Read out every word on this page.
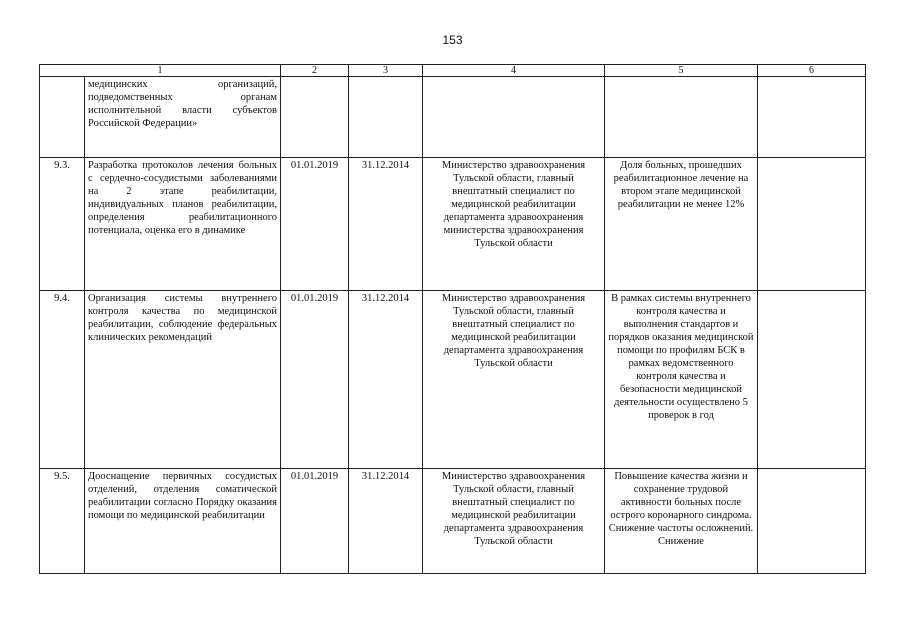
153
1		2	3	4	5	6
	медицинских организаций, подведомственных органам исполнительной власти субъектов Российской Федерации»					
9.3.	Разработка протоколов лечения больных с сердечно-сосудистыми заболеваниями на 2 этапе реабилитации, индивидуальных планов реабилитации, определения реабилитационного потенциала, оценка его в динамике	01.01.2019	31.12.2014	Министерство здравоохранения Тульской области, главный внештатный специалист по медицинской реабилитации департамента здравоохранения министерства здравоохранения Тульской области	Доля больных, прошедших реабилитационное лечение на втором этапе медицинской реабилитации не менее 12%	
9.4.	Организация системы внутреннего контроля качества по медицинской реабилитации, соблюдение федеральных клинических рекомендаций	01.01.2019	31.12.2014	Министерство здравоохранения Тульской области, главный внештатный специалист по медицинской реабилитации департамента здравоохранения Тульской области	В рамках системы внутреннего контроля качества и выполнения стандартов и порядков оказания медицинской помощи по профилям БСК в рамках ведомственного контроля качества и безопасности медицинской деятельности осуществлено 5 проверок в год	
9.5.	Дооснащение первичных сосудистых отделений, отделения соматической реабилитации согласно Порядку оказания помощи по медицинской реабилитации	01.01.2019	31.12.2014	Министерство здравоохранения Тульской области, главный внештатный специалист по медицинской реабилитации департамента здравоохранения Тульской области	Повышение качества жизни и сохранение трудовой активности больных после острого коронарного синдрома. Снижение частоты осложнений. Снижение	
